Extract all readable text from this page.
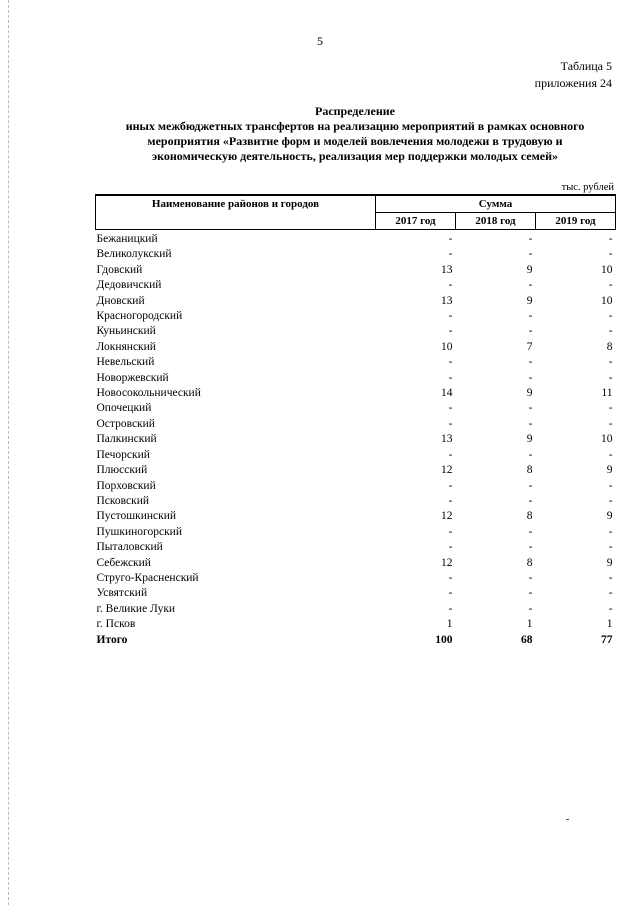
5
Таблица 5
приложения 24
Распределение
иных межбюджетных трансфертов на реализацию мероприятий в рамках основного
мероприятия «Развитие форм и моделей вовлечения молодежи в трудовую и
экономическую деятельность, реализация мер поддержки молодых семей»
тыс. рублей
Наименование районов и городов	Сумма		
	2017 год	2018 год	2019 год
Бежаницкий	-	-	-
Великолукский	-	-	-
Гдовский	13	9	10
Дедовичский	-	-	-
Дновский	13	9	10
Красногородский	-	-	-
Куньинский	-	-	-
Локнянский	10	7	8
Невельский	-	-	-
Новоржевский	-	-	-
Новосокольнический	14	9	11
Опочецкий	-	-	-
Островский	-	-	-
Палкинский	13	9	10
Печорский	-	-	-
Плюсский	12	8	9
Порховский	-	-	-
Псковский	-	-	-
Пустошкинский	12	8	9
Пушкиногорский	-	-	-
Пыталовский	-	-	-
Себежский	12	8	9
Струго-Красненский	-	-	-
Усвятский	-	-	-
г. Великие Луки	-	-	-
г. Псков	1	1	1
Итого	100	68	77
-
